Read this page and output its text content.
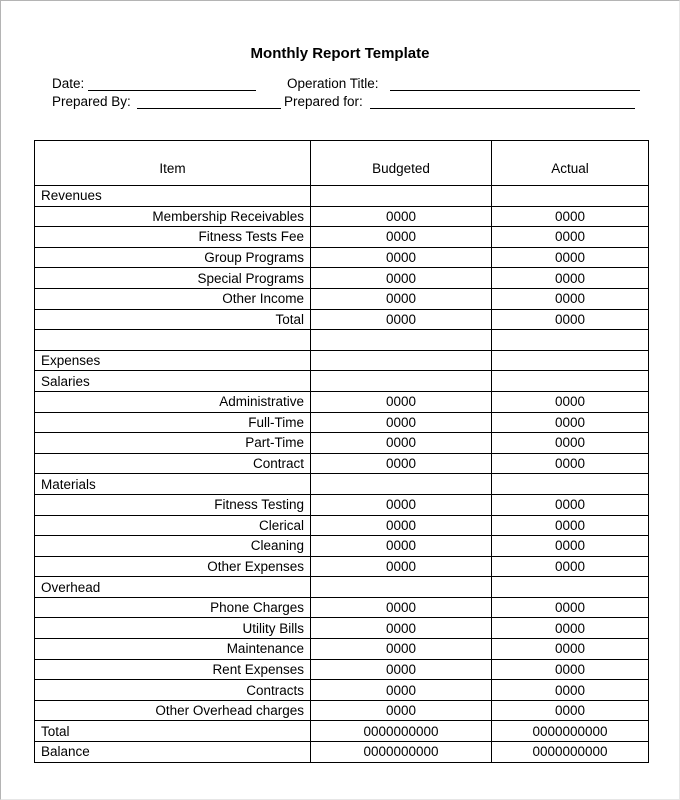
Monthly Report Template
Date:	Operation Title:
Prepared By:	Prepared for:
Item	Budgeted	Actual
Revenues		
Membership Receivables	0000	0000
Fitness Tests Fee	0000	0000
Group Programs	0000	0000
Special Programs	0000	0000
Other Income	0000	0000
Total	0000	0000

Expenses		
Salaries		
Administrative	0000	0000
Full-Time	0000	0000
Part-Time	0000	0000
Contract	0000	0000
Materials		
Fitness Testing	0000	0000
Clerical	0000	0000
Cleaning	0000	0000
Other Expenses	0000	0000
Overhead		
Phone Charges	0000	0000
Utility Bills	0000	0000
Maintenance	0000	0000
Rent Expenses	0000	0000
Contracts	0000	0000
Other Overhead charges	0000	0000
Total	0000000000	0000000000
Balance	0000000000	0000000000
